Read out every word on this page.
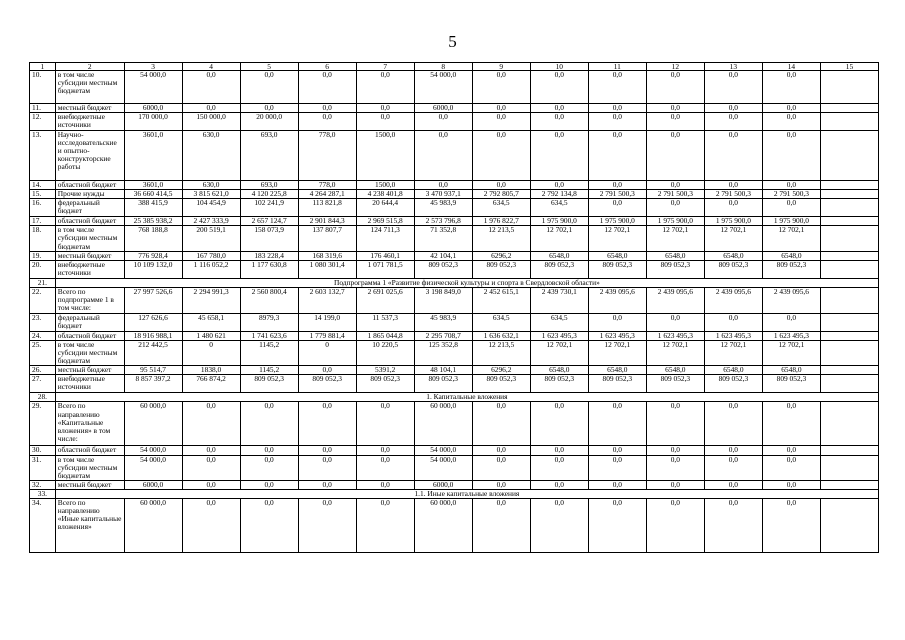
5
1	2	3	4	5	6	7	8	9	10	11	12	13	14	15
10.	в том числе субсидии местным бюджетам	54 000,0	0,0	0,0	0,0	0,0	54 000,0	0,0	0,0	0,0	0,0	0,0	0,0	
11.	местный бюджет	6000,0	0,0	0,0	0,0	0,0	6000,0	0,0	0,0	0,0	0,0	0,0	0,0	
12.	внебюджетные источники	170 000,0	150 000,0	20 000,0	0,0	0,0	0,0	0,0	0,0	0,0	0,0	0,0	0,0	
13.	Научно-исследовательские и опытно-конструкторские работы	3601,0	630,0	693,0	778,0	1500,0	0,0	0,0	0,0	0,0	0,0	0,0	0,0	
14.	областной бюджет	3601,0	630,0	693,0	778,0	1500,0	0,0	0,0	0,0	0,0	0,0	0,0	0,0	
15.	Прочие нужды	36 660 414,5	3 815 621,0	4 120 225,8	4 264 287,1	4 238 401,8	3 470 937,1	2 792 805,7	2 792 134,8	2 791 500,3	2 791 500,3	2 791 500,3	2 791 500,3	
16.	федеральный бюджет	388 415,9	104 454,9	102 241,9	113 821,8	20 644,4	45 983,9	634,5	634,5	0,0	0,0	0,0	0,0	
17.	областной бюджет	25 385 938,2	2 427 333,9	2 657 124,7	2 901 844,3	2 969 515,8	2 573 796,8	1 976 822,7	1 975 900,0	1 975 900,0	1 975 900,0	1 975 900,0	1 975 900,0	
18.	в том числе субсидии местным бюджетам	768 188,8	200 519,1	158 073,9	137 807,7	124 711,3	71 352,8	12 213,5	12 702,1	12 702,1	12 702,1	12 702,1	12 702,1	
19.	местный бюджет	776 928,4	167 780,0	183 228,4	168 319,6	176 460,1	42 104,1	6296,2	6548,0	6548,0	6548,0	6548,0	6548,0	
20.	внебюджетные источники	10 109 132,0	1 116 052,2	1 177 630,8	1 080 301,4	1 071 781,5	809 052,3	809 052,3	809 052,3	809 052,3	809 052,3	809 052,3	809 052,3	
21.	Подпрограмма 1 «Развитие физической культуры и спорта в Свердловской области»													
22.	Всего по подпрограмме 1 в том числе:	27 997 526,6	2 294 991,3	2 560 800,4	2 603 132,7	2 691 025,6	3 198 849,0	2 452 615,1	2 439 730,1	2 439 095,6	2 439 095,6	2 439 095,6	2 439 095,6	
23.	федеральный бюджет	127 626,6	45 658,1	8979,3	14 199,0	11 537,3	45 983,9	634,5	634,5	0,0	0,0	0,0	0,0	
24.	областной бюджет	18 916 988,1	1 480 621	1 741 623,6	1 779 881,4	1 865 044,8	2 295 708,7	1 636 632,1	1 623 495,3	1 623 495,3	1 623 495,3	1 623 495,3	1 623 495,3	
25.	в том числе субсидии местным бюджетам	212 442,5	0	1145,2	0	10 220,5	125 352,8	12 213,5	12 702,1	12 702,1	12 702,1	12 702,1	12 702,1	
26.	местный бюджет	95 514,7	1838,0	1145,2	0,0	5391,2	48 104,1	6296,2	6548,0	6548,0	6548,0	6548,0	6548,0	
27.	внебюджетные источники	8 857 397,2	766 874,2	809 052,3	809 052,3	809 052,3	809 052,3	809 052,3	809 052,3	809 052,3	809 052,3	809 052,3	809 052,3	
28.	1. Капитальные вложения													
29.	Всего по направлению «Капитальные вложения» в том числе:	60 000,0	0,0	0,0	0,0	0,0	60 000,0	0,0	0,0	0,0	0,0	0,0	0,0	
30.	областной бюджет	54 000,0	0,0	0,0	0,0	0,0	54 000,0	0,0	0,0	0,0	0,0	0,0	0,0	
31.	в том числе субсидии местным бюджетам	54 000,0	0,0	0,0	0,0	0,0	54 000,0	0,0	0,0	0,0	0,0	0,0	0,0	
32.	местный бюджет	6000,0	0,0	0,0	0,0	0,0	6000,0	0,0	0,0	0,0	0,0	0,0	0,0	
33.	1.1. Иные капитальные вложения													
34.	Всего по направлению «Иные капитальные вложения»	60 000,0	0,0	0,0	0,0	0,0	60 000,0	0,0	0,0	0,0	0,0	0,0	0,0	
